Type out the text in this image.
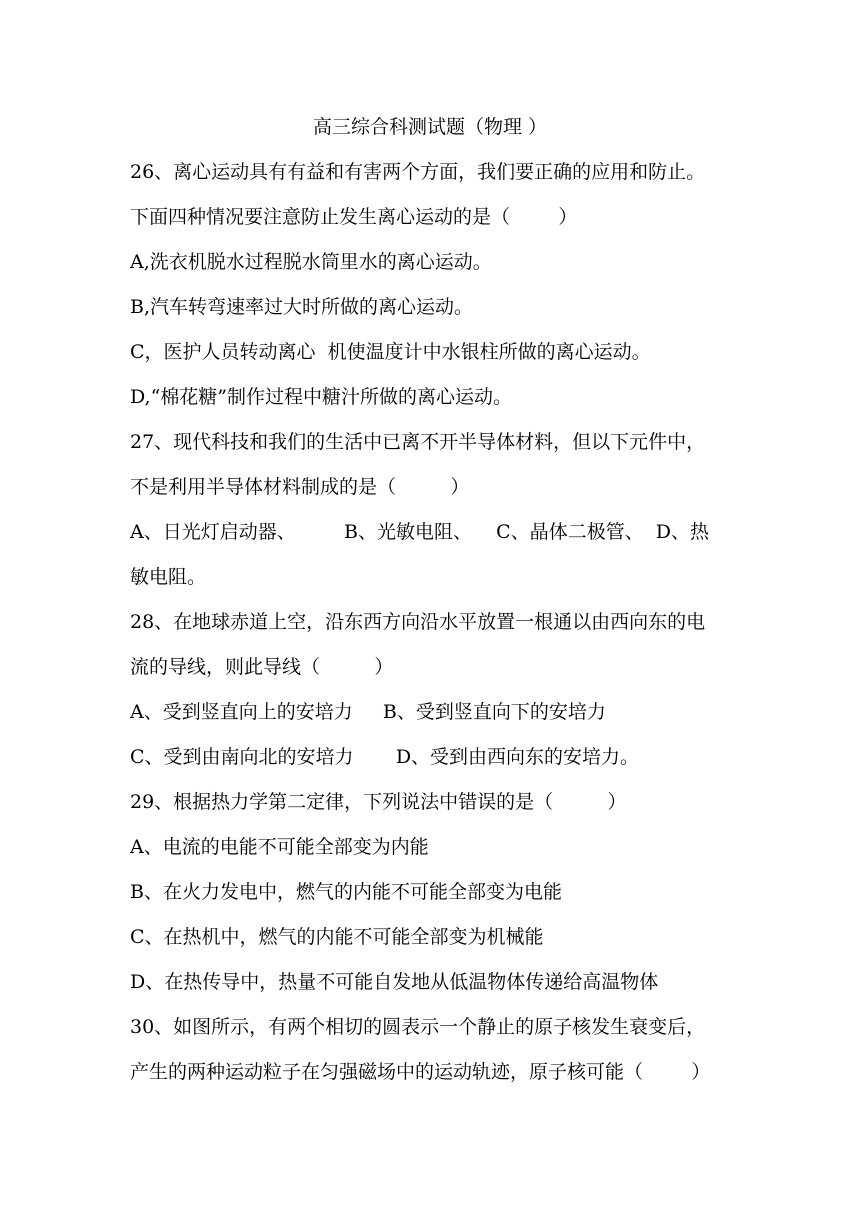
高三综合科测试题（物理 ）
26、离心运动具有有益和有害两个方面，我们要正确的应用和防止。
下面四种情况要注意防止发生离心运动的是（        ）
A,洗衣机脱水过程脱水筒里水的离心运动。
B,汽车转弯速率过大时所做的离心运动。
C，医护人员转动离心  机使温度计中水银柱所做的离心运动。
D,“棉花糖”制作过程中糖汁所做的离心运动。
27、现代科技和我们的生活中已离不开半导体材料，但以下元件中，
不是利用半导体材料制成的是（         ）
A、日光灯启动器、        B、光敏电阻、    C、晶体二极管、  D、热
敏电阻。
28、在地球赤道上空，沿东西方向沿水平放置一根通以由西向东的电
流的导线，则此导线（         ）
A、受到竖直向上的安培力     B、受到竖直向下的安培力
C、受到由南向北的安培力       D、受到由西向东的安培力。
29、根据热力学第二定律，下列说法中错误的是（         ）
A、电流的电能不可能全部变为内能
B、在火力发电中，燃气的内能不可能全部变为电能
C、在热机中，燃气的内能不可能全部变为机械能
D、在热传导中，热量不可能自发地从低温物体传递给高温物体
30、如图所示，有两个相切的圆表示一个静止的原子核发生衰变后，
产生的两种运动粒子在匀强磁场中的运动轨迹，原子核可能（        ）
